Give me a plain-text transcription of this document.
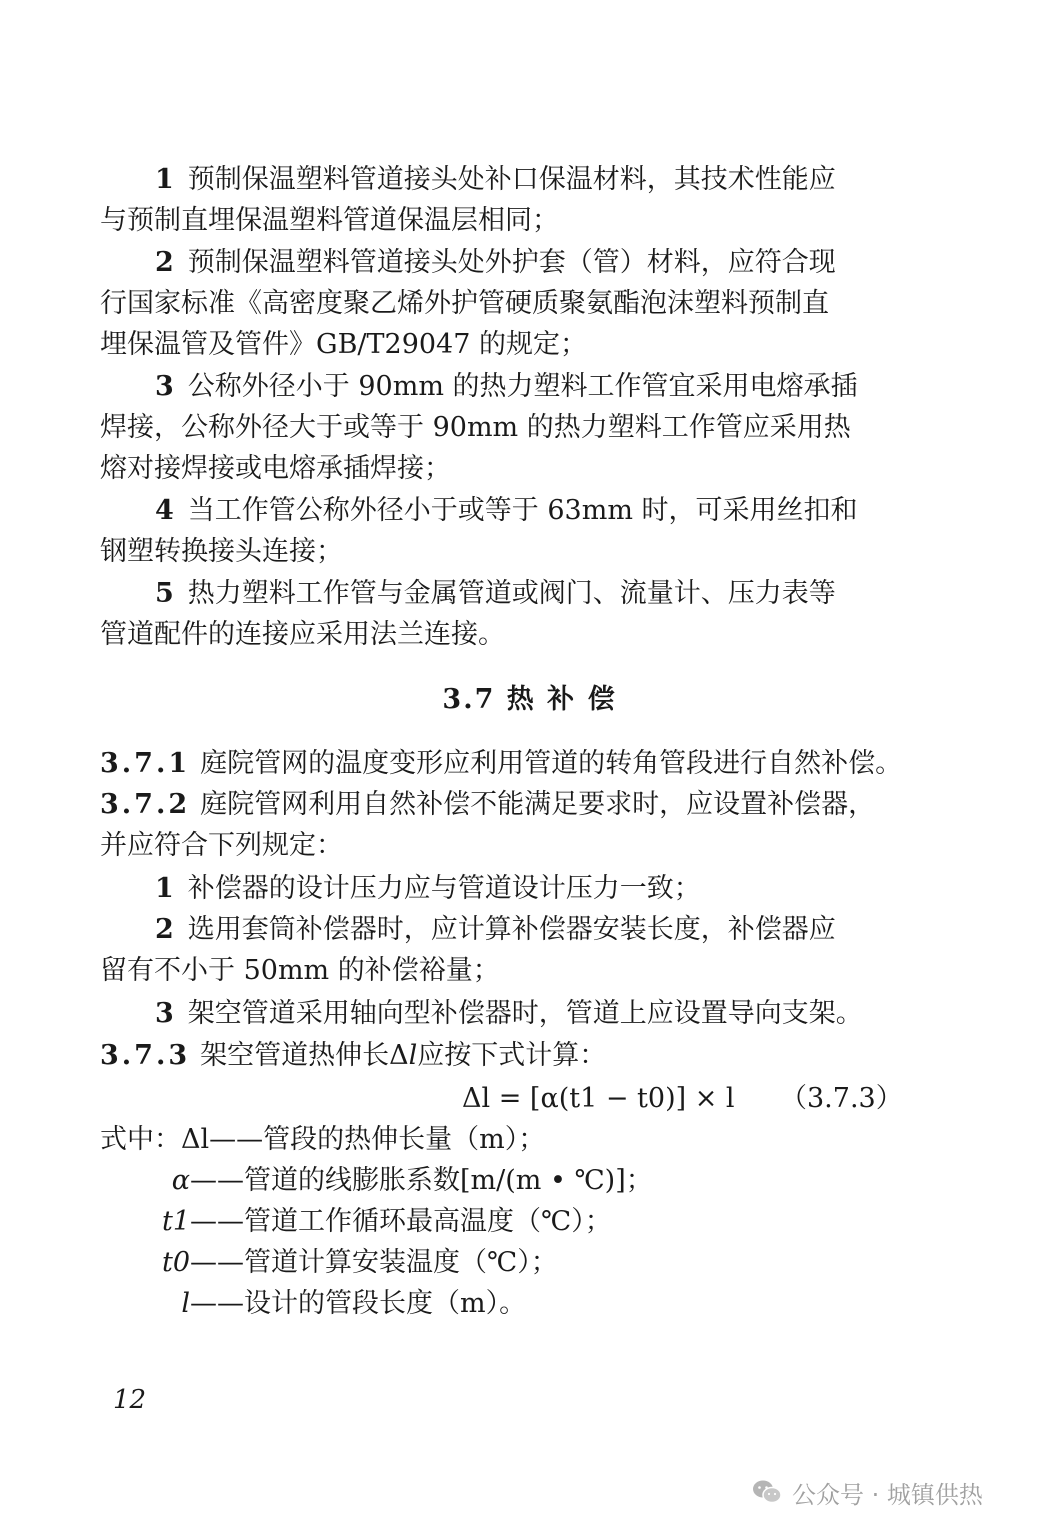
1 预制保温塑料管道接头处补口保温材料，其技术性能应
与预制直埋保温塑料管道保温层相同；
2 预制保温塑料管道接头处外护套（管）材料，应符合现
行国家标准《高密度聚乙烯外护管硬质聚氨酯泡沫塑料预制直
埋保温管及管件》GB/T29047 的规定；
3 公称外径小于 90mm 的热力塑料工作管宜采用电熔承插
焊接，公称外径大于或等于 90mm 的热力塑料工作管应采用热
熔对接焊接或电熔承插焊接；
4 当工作管公称外径小于或等于 63mm 时，可采用丝扣和
钢塑转换接头连接；
5 热力塑料工作管与金属管道或阀门、流量计、压力表等
管道配件的连接应采用法兰连接。
3.7 热 补 偿
3.7.1 庭院管网的温度变形应利用管道的转角管段进行自然补偿。
3.7.2 庭院管网利用自然补偿不能满足要求时，应设置补偿器，
并应符合下列规定：
1 补偿器的设计压力应与管道设计压力一致；
2 选用套筒补偿器时，应计算补偿器安装长度，补偿器应
留有不小于 50mm 的补偿裕量；
3 架空管道采用轴向型补偿器时，管道上应设置导向支架。
3.7.3 架空管道热伸长Δl应按下式计算：
Δl = [α(t1 − t0)] × l （3.7.3）
式中：Δl——管段的热伸长量（m）；
α——管道的线膨胀系数[m/(m • ℃)]；
t1——管道工作循环最高温度（℃）；
t0——管道计算安装温度（℃）；
l——设计的管段长度（m）。
12
公众号 · 城镇供热
